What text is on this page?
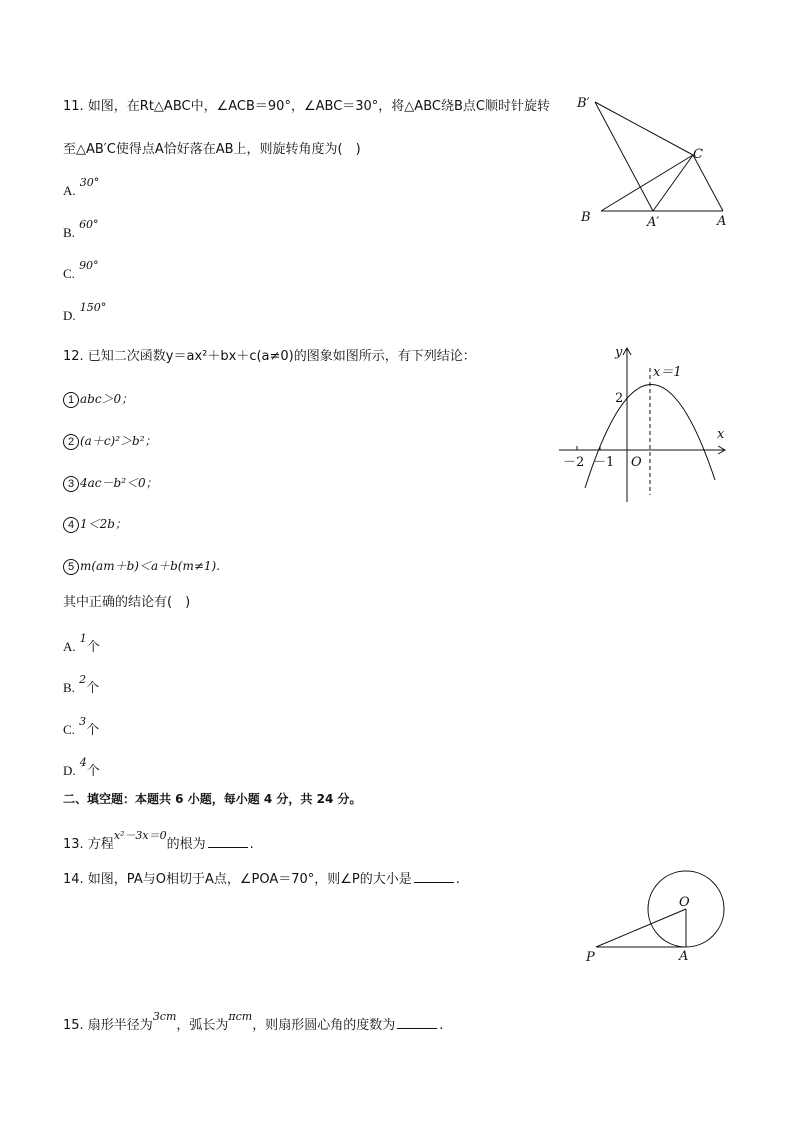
11. 如图，在Rt△ABC中，∠ACB＝90°，∠ABC＝30°，将△ABC绕B点C顺时针旋转
至△AB′C使得点A恰好落在AB上，则旋转角度为(　)
A. $^{30^\circ}$
B. $^{60^\circ}$
C. $^{90^\circ}$
D. $^{150^\circ}$
B′
C
B	A′	A
12. 已知二次函数y＝ax²＋bx＋c(a≠0)的图象如图所示，有下列结论：
1 abc＞0；
2 (a＋c)²＞b²；
3 4ac－b²＜0；
4 1＜2b；
5 m(am＋b)＜a＋b(m≠1).
其中正确的结论有(　)
A. $^1$个
B. $^2$个
C. $^3$个
D. $^4$个
y
x
x＝1
2
－2 －1 O
二、填空题：本题共 6 小题，每小题 4 分，共 24 分。
13. 方程$^{x^2-3x=0}$的根为	.
14. 如图，PA与O相切于A点，∠POA＝70°，则∠P的大小是	.
O
P	A
15. 扇形半径为$^{3cm}$，弧长为$^{\pi cm}$，则扇形圆心角的度数为	.
